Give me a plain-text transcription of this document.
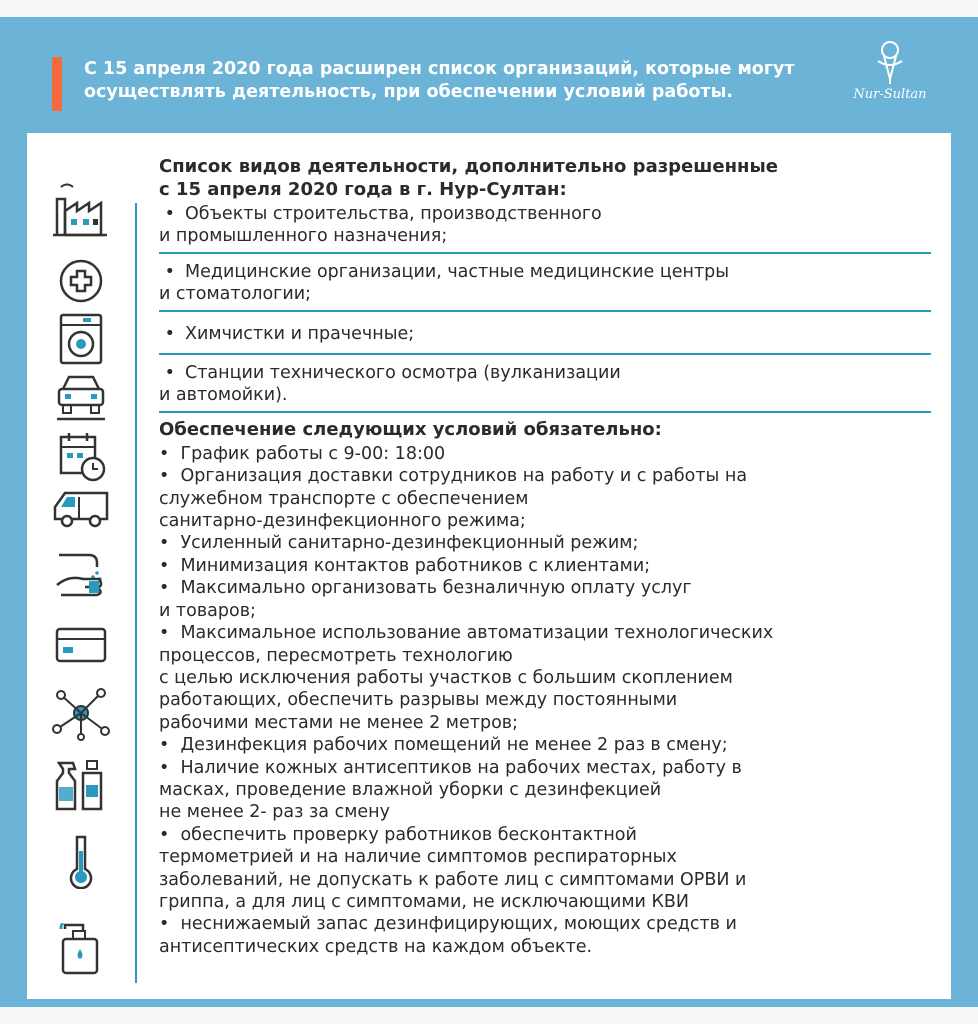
С 15 апреля 2020 года расширен список организаций, которые могут
осуществлять деятельность, при обеспечении условий работы.	Nur-Sultan
Список видов деятельности, дополнительно разрешенные
с 15 апреля 2020 года в г. Нур-Султан:
• Объекты строительства, производственного
и промышленного назначения;
• Медицинские организации, частные медицинские центры
и стоматологии;
• Химчистки и прачечные;
• Станции технического осмотра (вулканизации
и автомойки).
Обеспечение следующих условий обязательно:
•  График работы с 9-00: 18:00
•  Организация доставки сотрудников на работу и с работы на
служебном транспорте с обеспечением
санитарно-дезинфекционного режима;
•  Усиленный санитарно-дезинфекционный режим;
•  Минимизация контактов работников с клиентами;
•  Максимально организовать безналичную оплату услуг
и товаров;
•  Максимальное использование автоматизации технологических
процессов, пересмотреть технологию
с целью исключения работы участков с большим скоплением
работающих, обеспечить разрывы между постоянными
рабочими местами не менее 2 метров;
•  Дезинфекция рабочих помещений не менее 2 раз в смену;
•  Наличие кожных антисептиков на рабочих местах, работу в
масках, проведение влажной уборки с дезинфекцией
не менее 2- раз за смену
•  обеспечить проверку работников бесконтактной
термометрией и на наличие симптомов респираторных
заболеваний, не допускать к работе лиц с симптомами ОРВИ и
гриппа, а для лиц с симптомами, не исключающими КВИ
•  неснижаемый запас дезинфицирующих, моющих средств и
антисептических средств на каждом объекте.
